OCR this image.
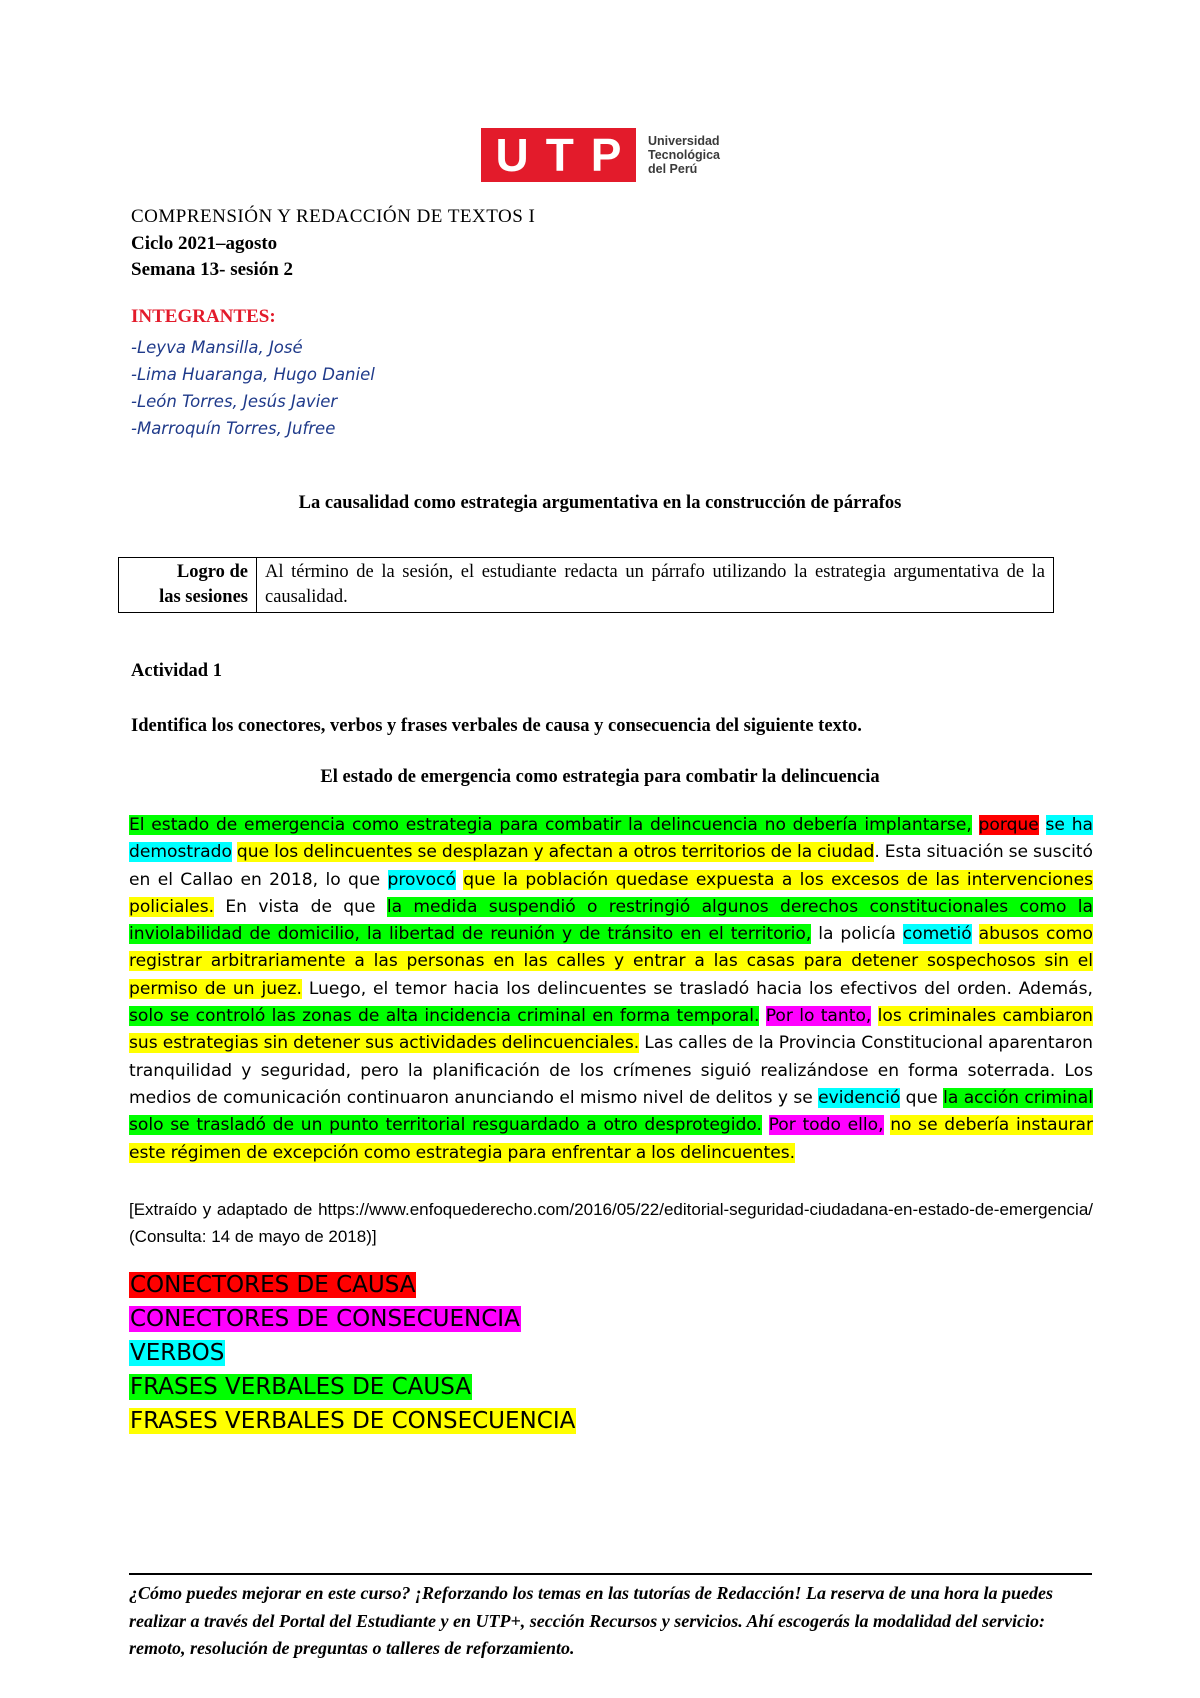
U T P Universidad
Tecnológica
del Perú
COMPRENSIÓN Y REDACCIÓN DE TEXTOS I
Ciclo 2021–agosto
Semana 13- sesión 2
INTEGRANTES:
-Leyva Mansilla, José
-Lima Huaranga, Hugo Daniel
-León Torres, Jesús Javier
-Marroquín Torres, Jufree
La causalidad como estrategia argumentativa en la construcción de párrafos
Logro de
las sesiones
	Al término de la sesión, el estudiante redacta un párrafo utilizando la estrategia argumentativa de la causalidad.
Actividad 1
Identifica los conectores, verbos y frases verbales de causa y consecuencia del siguiente texto.
El estado de emergencia como estrategia para combatir la delincuencia
El estado de emergencia como estrategia para combatir la delincuencia no debería implantarse, porque se ha demostrado que los delincuentes se desplazan y afectan a otros territorios de la ciudad. Esta situación se suscitó en el Callao en 2018, lo que provocó que la población quedase expuesta a los excesos de las intervenciones policiales. En vista de que la medida suspendió o restringió algunos derechos constitucionales como la inviolabilidad de domicilio, la libertad de reunión y de tránsito en el territorio, la policía cometió abusos como registrar arbitrariamente a las personas en las calles y entrar a las casas para detener sospechosos sin el permiso de un juez. Luego, el temor hacia los delincuentes se trasladó hacia los efectivos del orden. Además, solo se controló las zonas de alta incidencia criminal en forma temporal. Por lo tanto, los criminales cambiaron sus estrategias sin detener sus actividades delincuenciales. Las calles de la Provincia Constitucional aparentaron tranquilidad y seguridad, pero la planificación de los crímenes siguió realizándose en forma soterrada. Los medios de comunicación continuaron anunciando el mismo nivel de delitos y se evidenció que la acción criminal solo se trasladó de un punto territorial resguardado a otro desprotegido. Por todo ello, no se debería instaurar este régimen de excepción como estrategia para enfrentar a los delincuentes.
[Extraído y adaptado de https://www.enfoquederecho.com/2016/05/22/editorial-seguridad-ciudadana-en-estado-de-emergencia/ (Consulta: 14 de mayo de 2018)]
CONECTORES DE CAUSA
CONECTORES DE CONSECUENCIA
VERBOS
FRASES VERBALES DE CAUSA
FRASES VERBALES DE CONSECUENCIA
¿Cómo puedes mejorar en este curso? ¡Reforzando los temas en las tutorías de Redacción! La reserva de una hora la puedes realizar a través del Portal del Estudiante y en UTP+, sección Recursos y servicios. Ahí escogerás la modalidad del servicio: remoto, resolución de preguntas o talleres de reforzamiento.
